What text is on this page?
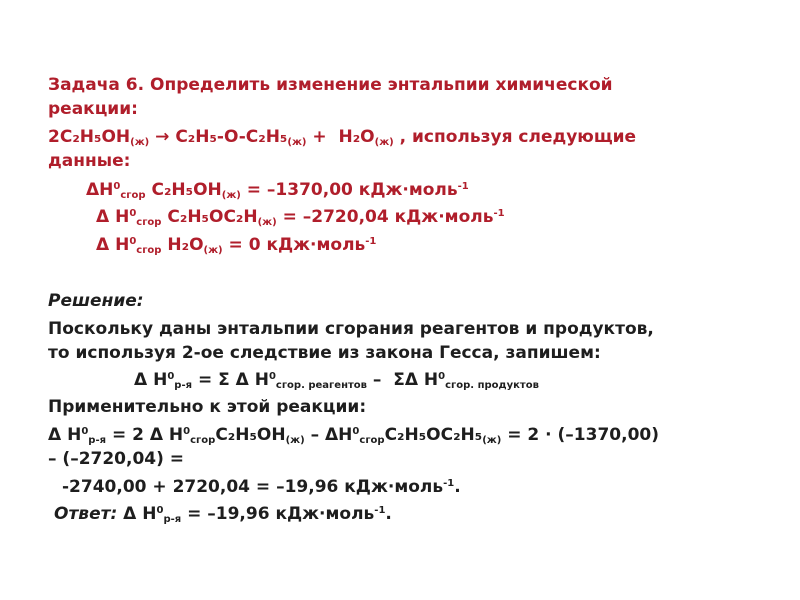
Задача 6. Определить изменение энтальпии химической
реакции:
$2C_2H_5OH_{(ж)} \to C_2H_5-O-C_2H_5_{(ж)} + H_2O_{(ж)}$ , используя следующие
данные:
$\Delta H^0_{сгор}$ $C_2H_5OH_{(ж)} = -1370,00$ кДж·моль$^{-1}$
Δ $H^0_{сгор}$ $C_2H_5OC_2H_{(ж)} = -2720,04$ кДж·моль$^{-1}$
Δ $H^0_{сгор}$ $H_2O_{(ж)} = 0$ кДж·моль$^{-1}$
Решение:
Поскольку даны энтальпии сгорания реагентов и продуктов,
то используя 2-ое следствие из закона Гесса, запишем:
Δ $H^0_{р-я} = \Sigma$ Δ $H^0_{сгор. реагентов}$ – ΣΔ $H^0_{сгор. продуктов}$
Применительно к этой реакции:
Δ $H^0_{р-я} = 2$ Δ $H^0_{сгор}C_2H_5OH_{(ж)} - \Delta H^0_{сгор}C_2H_5OC_2H_5_{(ж)} = 2 \cdot (-1370,00)$
– (–2720,04) =
-2740,00 + 2720,04 = –19,96 кДж·моль$^{-1}$.
Ответ: Δ $H^0_{р-я} = -19,96$ кДж·моль$^{-1}$.
